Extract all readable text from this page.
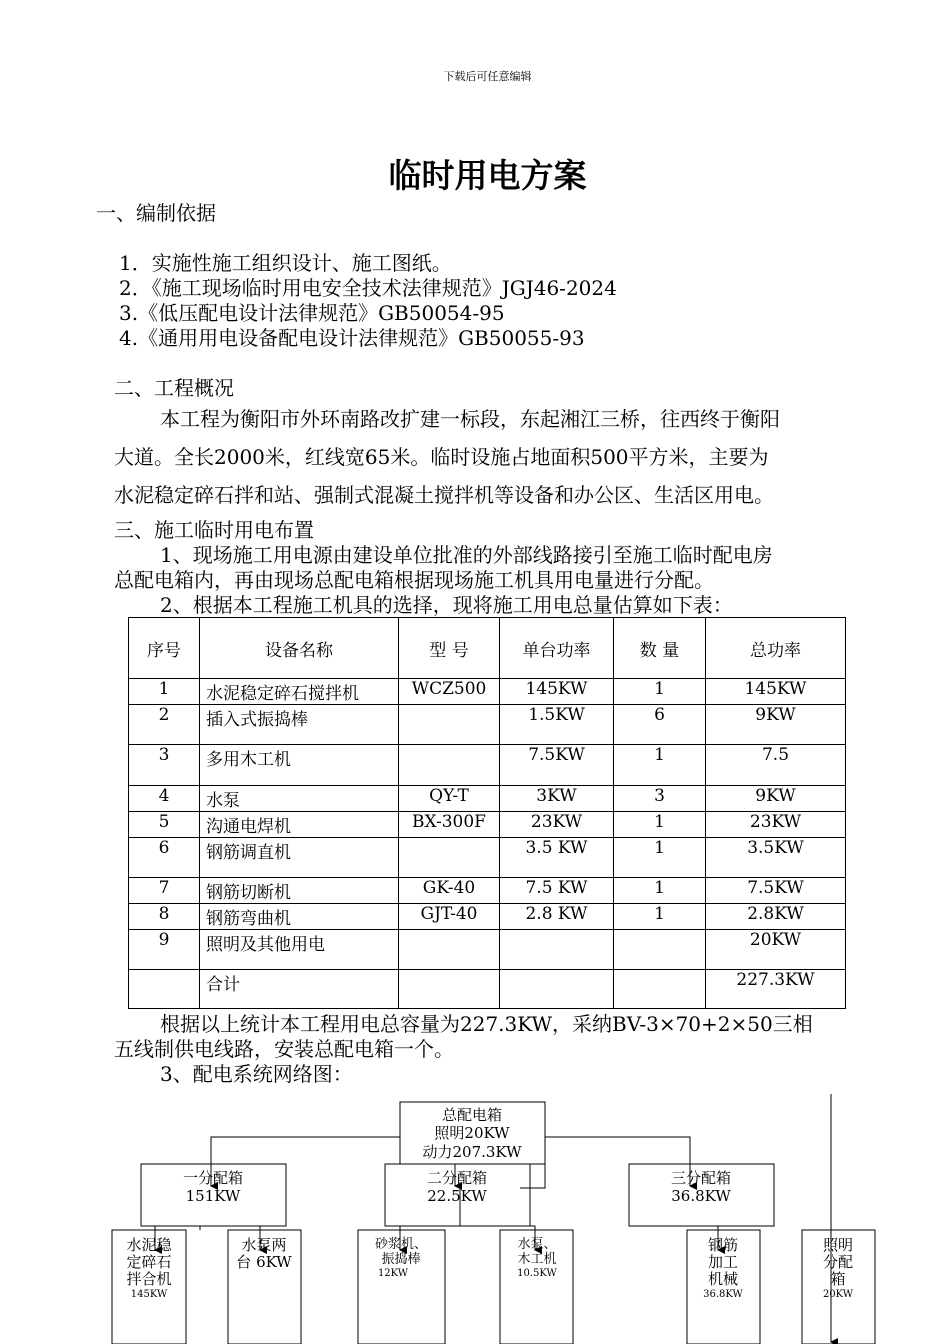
下载后可任意编辑
临时用电方案
一、编制依据
1．实施性施工组织设计、施工图纸。
2．《施工现场临时用电安全技术法律规范》JGJ46-2024
3.《低压配电设计法律规范》GB50054-95
4.《通用用电设备配电设计法律规范》GB50055-93
二、工程概况
本工程为衡阳市外环南路改扩建一标段，东起湘江三桥，往西终于衡阳
大道。全长2000米，红线宽65米。临时设施占地面积500平方米，主要为
水泥稳定碎石拌和站、强制式混凝土搅拌机等设备和办公区、生活区用电。
三、施工临时用电布置
1、现场施工用电源由建设单位批准的外部线路接引至施工临时配电房
总配电箱内，再由现场总配电箱根据现场施工机具用电量进行分配。
2、根据本工程施工机具的选择，现将施工用电总量估算如下表：
序号	设备名称	型 号	单台功率	数 量	总功率
1	水泥稳定碎石搅拌机	WCZ500	145KW	1	145KW
2	插入式振捣棒		1.5KW	6	9KW
3	多用木工机		7.5KW	1	7.5
4	水泵	QY-T	3KW	3	9KW
5	沟通电焊机	BX-300F	23KW	1	23KW
6	钢筋调直机		3.5 KW	1	3.5KW
7	钢筋切断机	GK-40	7.5 KW	1	7.5KW
8	钢筋弯曲机	GJT-40	2.8 KW	1	2.8KW
9	照明及其他用电				20KW
	合计				227.3KW
根据以上统计本工程用电总容量为227.3KW，采纳BV-3×70+2×50三相
五线制供电线路，安装总配电箱一个。
3、配电系统网络图：
总配电箱
照明20KW
动力207.3KW
一分配箱
151KW
二分配箱
22.5KW
三分配箱
36.8KW
水泥稳
定碎石
拌合机
145KW
水泵两
台 6KW
砂浆机、
振捣棒
12KW
水泵、
木工机
10.5KW
钢筋
加工
机械
36.8KW
照明
分配
箱
20KW
